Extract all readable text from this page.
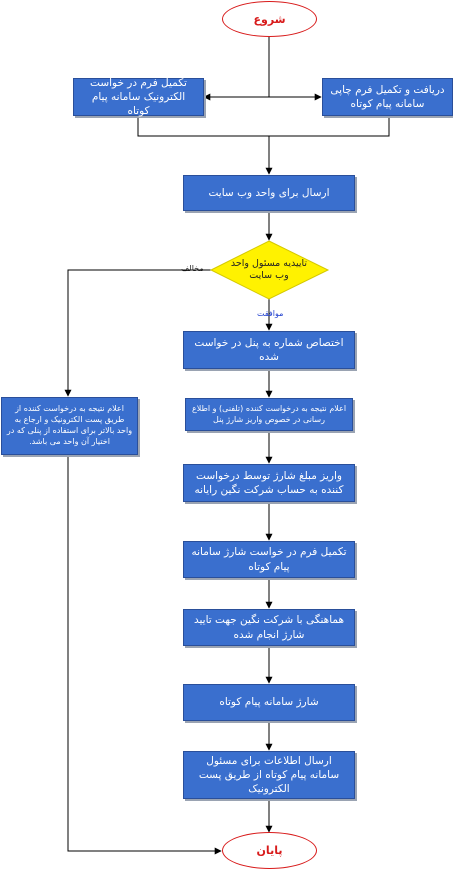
شروع
تکمیل فرم در خواست الکترونیک سامانه پیام کوتاه
دریافت و تکمیل فرم چاپی سامانه پیام کوتاه
ارسال برای واحد وب سایت
تاییدیه مسئول واحد وب سایت
مخالف
موافقت
اختصاص شماره به پنل در خواست شده
اعلام نتیجه به درخواست کننده (تلفنی) و اطلاع رسانی در خصوص واریز شارژ پنل
واریز مبلغ شارژ توسط درخواست کننده به حساب شرکت نگین رایانه
تکمیل فرم در خواست شارژ سامانه پیام کوتاه
هماهنگی با شرکت نگین جهت تایید شارژ انجام شده
شارژ سامانه پیام کوتاه
ارسال اطلاعات برای مسئول سامانه پیام کوتاه از طریق پست الکترونیک
اعلام نتیجه به درخواست کننده از طریق پست الکترونیک و ارجاع به واحد بالاتر برای استفاده از پنلی که در اختیار آن واحد می باشد.
پایان
